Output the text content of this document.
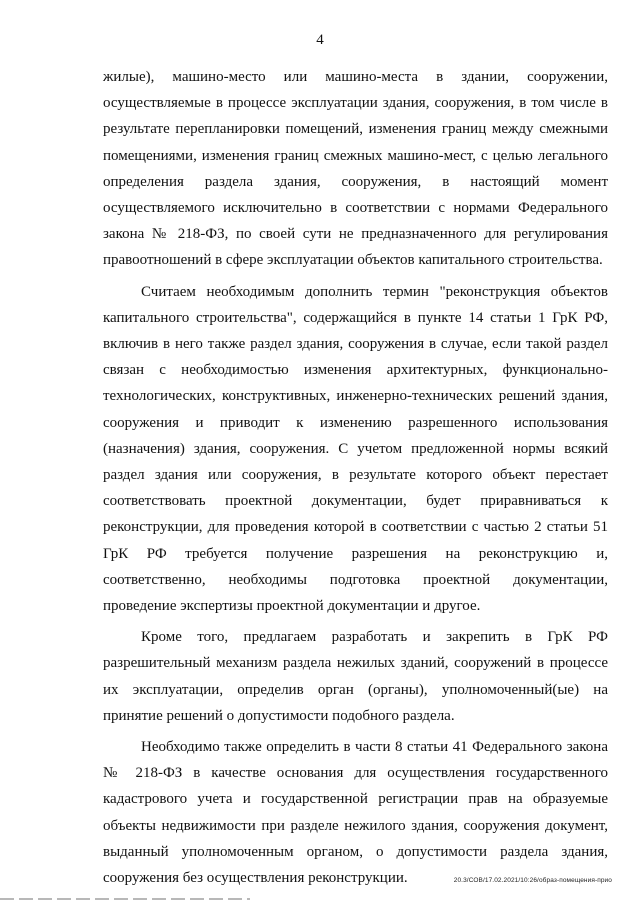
4

жилые), машино-место или машино-места в здании, сооружении, осуществляемые в процессе эксплуатации здания, сооружения, в том числе в результате перепланировки помещений, изменения границ между смежными помещениями, изменения границ смежных машино-мест, с целью легального определения раздела здания, сооружения, в настоящий момент осуществляемого исключительно в соответствии с нормами Федерального закона № 218-ФЗ, по своей сути не предназначенного для регулирования правоотношений в сфере эксплуатации объектов капитального строительства.

Считаем необходимым дополнить термин "реконструкция объектов капитального строительства", содержащийся в пункте 14 статьи 1 ГрК РФ, включив в него также раздел здания, сооружения в случае, если такой раздел связан с необходимостью изменения архитектурных, функционально-технологических, конструктивных, инженерно-технических решений здания, сооружения и приводит к изменению разрешенного использования (назначения) здания, сооружения. С учетом предложенной нормы всякий раздел здания или сооружения, в результате которого объект перестает соответствовать проектной документации, будет приравниваться к реконструкции, для проведения которой в соответствии с частью 2 статьи 51 ГрК РФ требуется получение разрешения на реконструкцию и, соответственно, необходимы подготовка проектной документации, проведение экспертизы проектной документации и другое.

Кроме того, предлагаем разработать и закрепить в ГрК РФ разрешительный механизм раздела нежилых зданий, сооружений в процессе их эксплуатации, определив орган (органы), уполномоченный(ые) на принятие решений о допустимости подобного раздела.

Необходимо также определить в части 8 статьи 41 Федерального закона № 218-ФЗ в качестве основания для осуществления государственного кадастрового учета и государственной регистрации прав на образуемые объекты недвижимости при разделе нежилого здания, сооружения документ, выданный уполномоченным органом, о допустимости раздела здания, сооружения без осуществления реконструкции.	20.3/СОВ/17.02.2021/10:26/образ-помещения-прио
